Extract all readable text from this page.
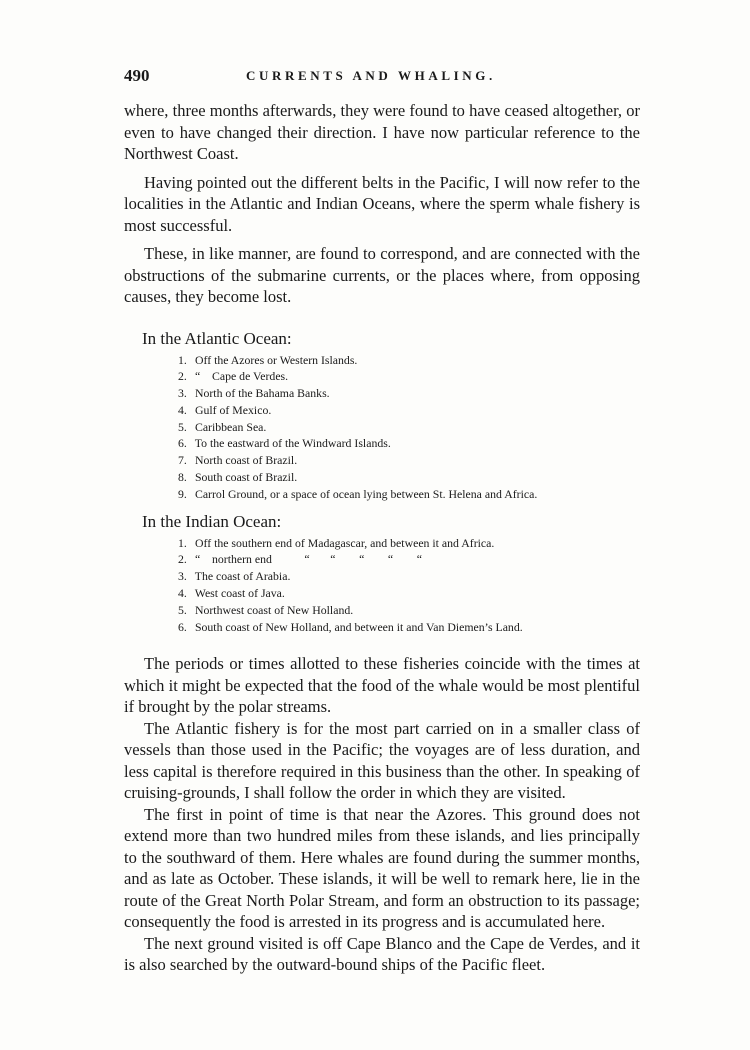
490	CURRENTS AND WHALING.

where, three months afterwards, they were found to have ceased altogether, or even to have changed their direction. I have now particular reference to the Northwest Coast.

Having pointed out the different belts in the Pacific, I will now refer to the localities in the Atlantic and Indian Oceans, where the sperm whale fishery is most successful.

These, in like manner, are found to correspond, and are connected with the obstructions of the submarine currents, or the places where, from opposing causes, they become lost.

In the Atlantic Ocean:
1. Off the Azores or Western Islands.
2. “    Cape de Verdes.
3. North of the Bahama Banks.
4. Gulf of Mexico.
5. Caribbean Sea.
6. To the eastward of the Windward Islands.
7. North coast of Brazil.
8. South coast of Brazil.
9. Carrol Ground, or a space of ocean lying between St. Helena and Africa.
In the Indian Ocean:
1. Off the southern end of Madagascar, and between it and Africa.
2. “    northern end           “       “        “        “        “
3. The coast of Arabia.
4. West coast of Java.
5. Northwest coast of New Holland.
6. South coast of New Holland, and between it and Van Diemen’s Land.

The periods or times allotted to these fisheries coincide with the times at which it might be expected that the food of the whale would be most plentiful if brought by the polar streams.

The Atlantic fishery is for the most part carried on in a smaller class of vessels than those used in the Pacific; the voyages are of less duration, and less capital is therefore required in this business than the other. In speaking of cruising-grounds, I shall follow the order in which they are visited.

The first in point of time is that near the Azores. This ground does not extend more than two hundred miles from these islands, and lies principally to the southward of them. Here whales are found during the summer months, and as late as October. These islands, it will be well to remark here, lie in the route of the Great North Polar Stream, and form an obstruction to its passage; consequently the food is arrested in its progress and is accumulated here.

The next ground visited is off Cape Blanco and the Cape de Verdes, and it is also searched by the outward-bound ships of the Pacific fleet.
